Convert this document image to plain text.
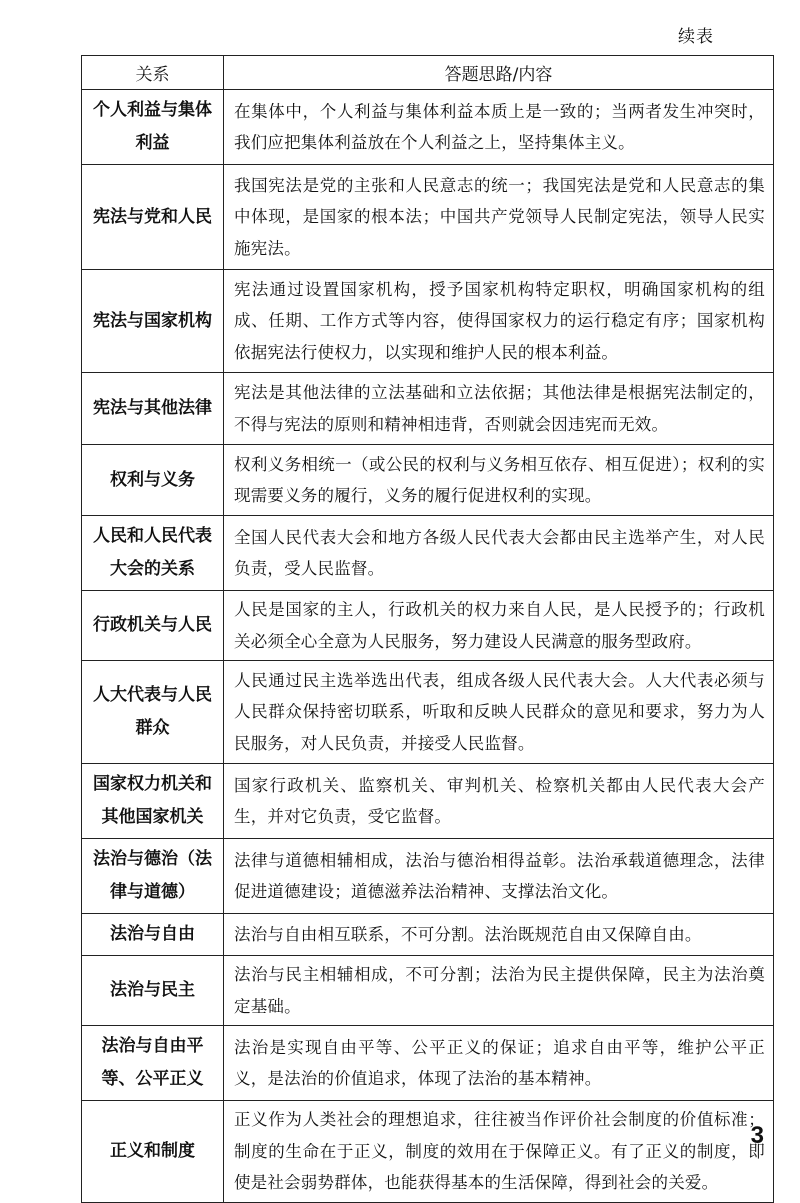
续表
关系	答题思路/内容
个人利益与集体利益	在集体中，个人利益与集体利益本质上是一致的；当两者发生冲突时，我们应把集体利益放在个人利益之上，坚持集体主义。
宪法与党和人民	我国宪法是党的主张和人民意志的统一；我国宪法是党和人民意志的集中体现，是国家的根本法；中国共产党领导人民制定宪法，领导人民实施宪法。
宪法与国家机构	宪法通过设置国家机构，授予国家机构特定职权，明确国家机构的组成、任期、工作方式等内容，使得国家权力的运行稳定有序；国家机构依据宪法行使权力，以实现和维护人民的根本利益。
宪法与其他法律	宪法是其他法律的立法基础和立法依据；其他法律是根据宪法制定的，不得与宪法的原则和精神相违背，否则就会因违宪而无效。
权利与义务	权利义务相统一（或公民的权利与义务相互依存、相互促进）；权利的实现需要义务的履行，义务的履行促进权利的实现。
人民和人民代表大会的关系	全国人民代表大会和地方各级人民代表大会都由民主选举产生，对人民负责，受人民监督。
行政机关与人民	人民是国家的主人，行政机关的权力来自人民，是人民授予的；行政机关必须全心全意为人民服务，努力建设人民满意的服务型政府。
人大代表与人民群众	人民通过民主选举选出代表，组成各级人民代表大会。人大代表必须与人民群众保持密切联系，听取和反映人民群众的意见和要求，努力为人民服务，对人民负责，并接受人民监督。
国家权力机关和其他国家机关	国家行政机关、监察机关、审判机关、检察机关都由人民代表大会产生，并对它负责，受它监督。
法治与德治（法律与道德）	法律与道德相辅相成，法治与德治相得益彰。法治承载道德理念，法律促进道德建设；道德滋养法治精神、支撑法治文化。
法治与自由	法治与自由相互联系，不可分割。法治既规范自由又保障自由。
法治与民主	法治与民主相辅相成，不可分割；法治为民主提供保障，民主为法治奠定基础。
法治与自由平等、公平正义	法治是实现自由平等、公平正义的保证；追求自由平等，维护公平正义，是法治的价值追求，体现了法治的基本精神。
正义和制度	正义作为人类社会的理想追求，往往被当作评价社会制度的价值标准；制度的生命在于正义，制度的效用在于保障正义。有了正义的制度，即使是社会弱势群体，也能获得基本的生活保障，得到社会的关爱。
3
